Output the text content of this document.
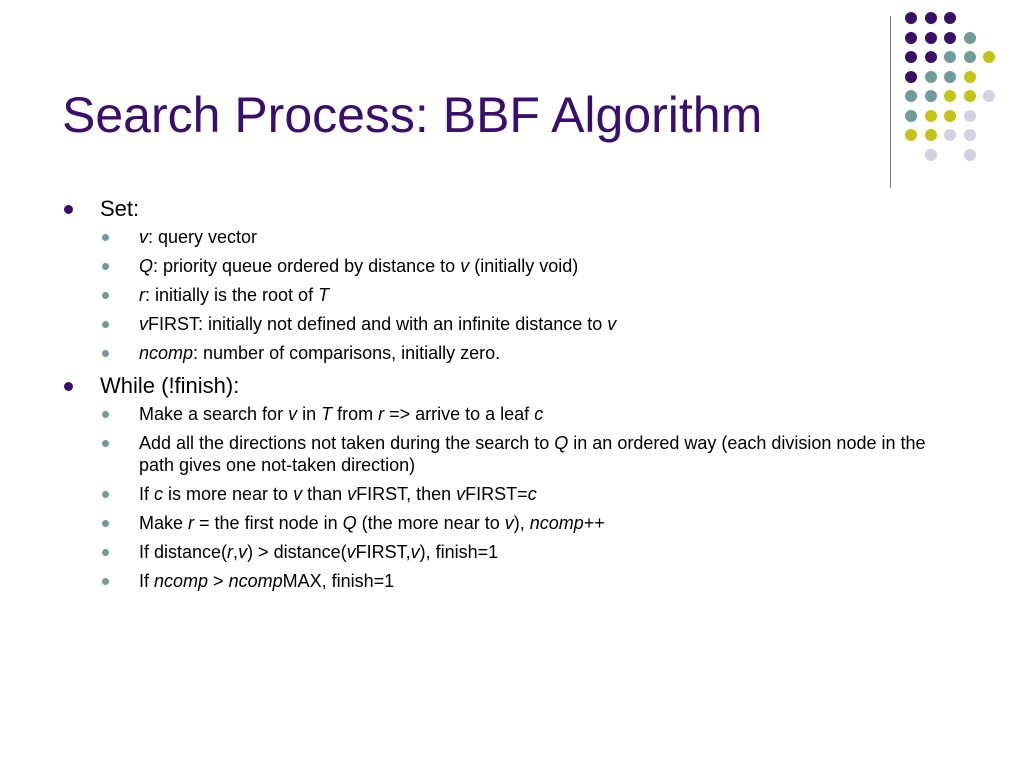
Search Process: BBF Algorithm
Set:
v: query vector
Q: priority queue ordered by distance to v (initially void)
r: initially is the root of T
vFIRST: initially not defined and with an infinite distance to v
ncomp: number of comparisons, initially zero.
While (!finish):
Make a search for v in T from r => arrive to a leaf c
Add all the directions not taken during the search to Q in an ordered way (each division node in the path gives one not-taken direction)
If c is more near to v than vFIRST, then vFIRST=c
Make r = the first node in Q (the more near to v), ncomp++
If distance(r,v) > distance(vFIRST,v), finish=1
If ncomp > ncompMAX, finish=1
